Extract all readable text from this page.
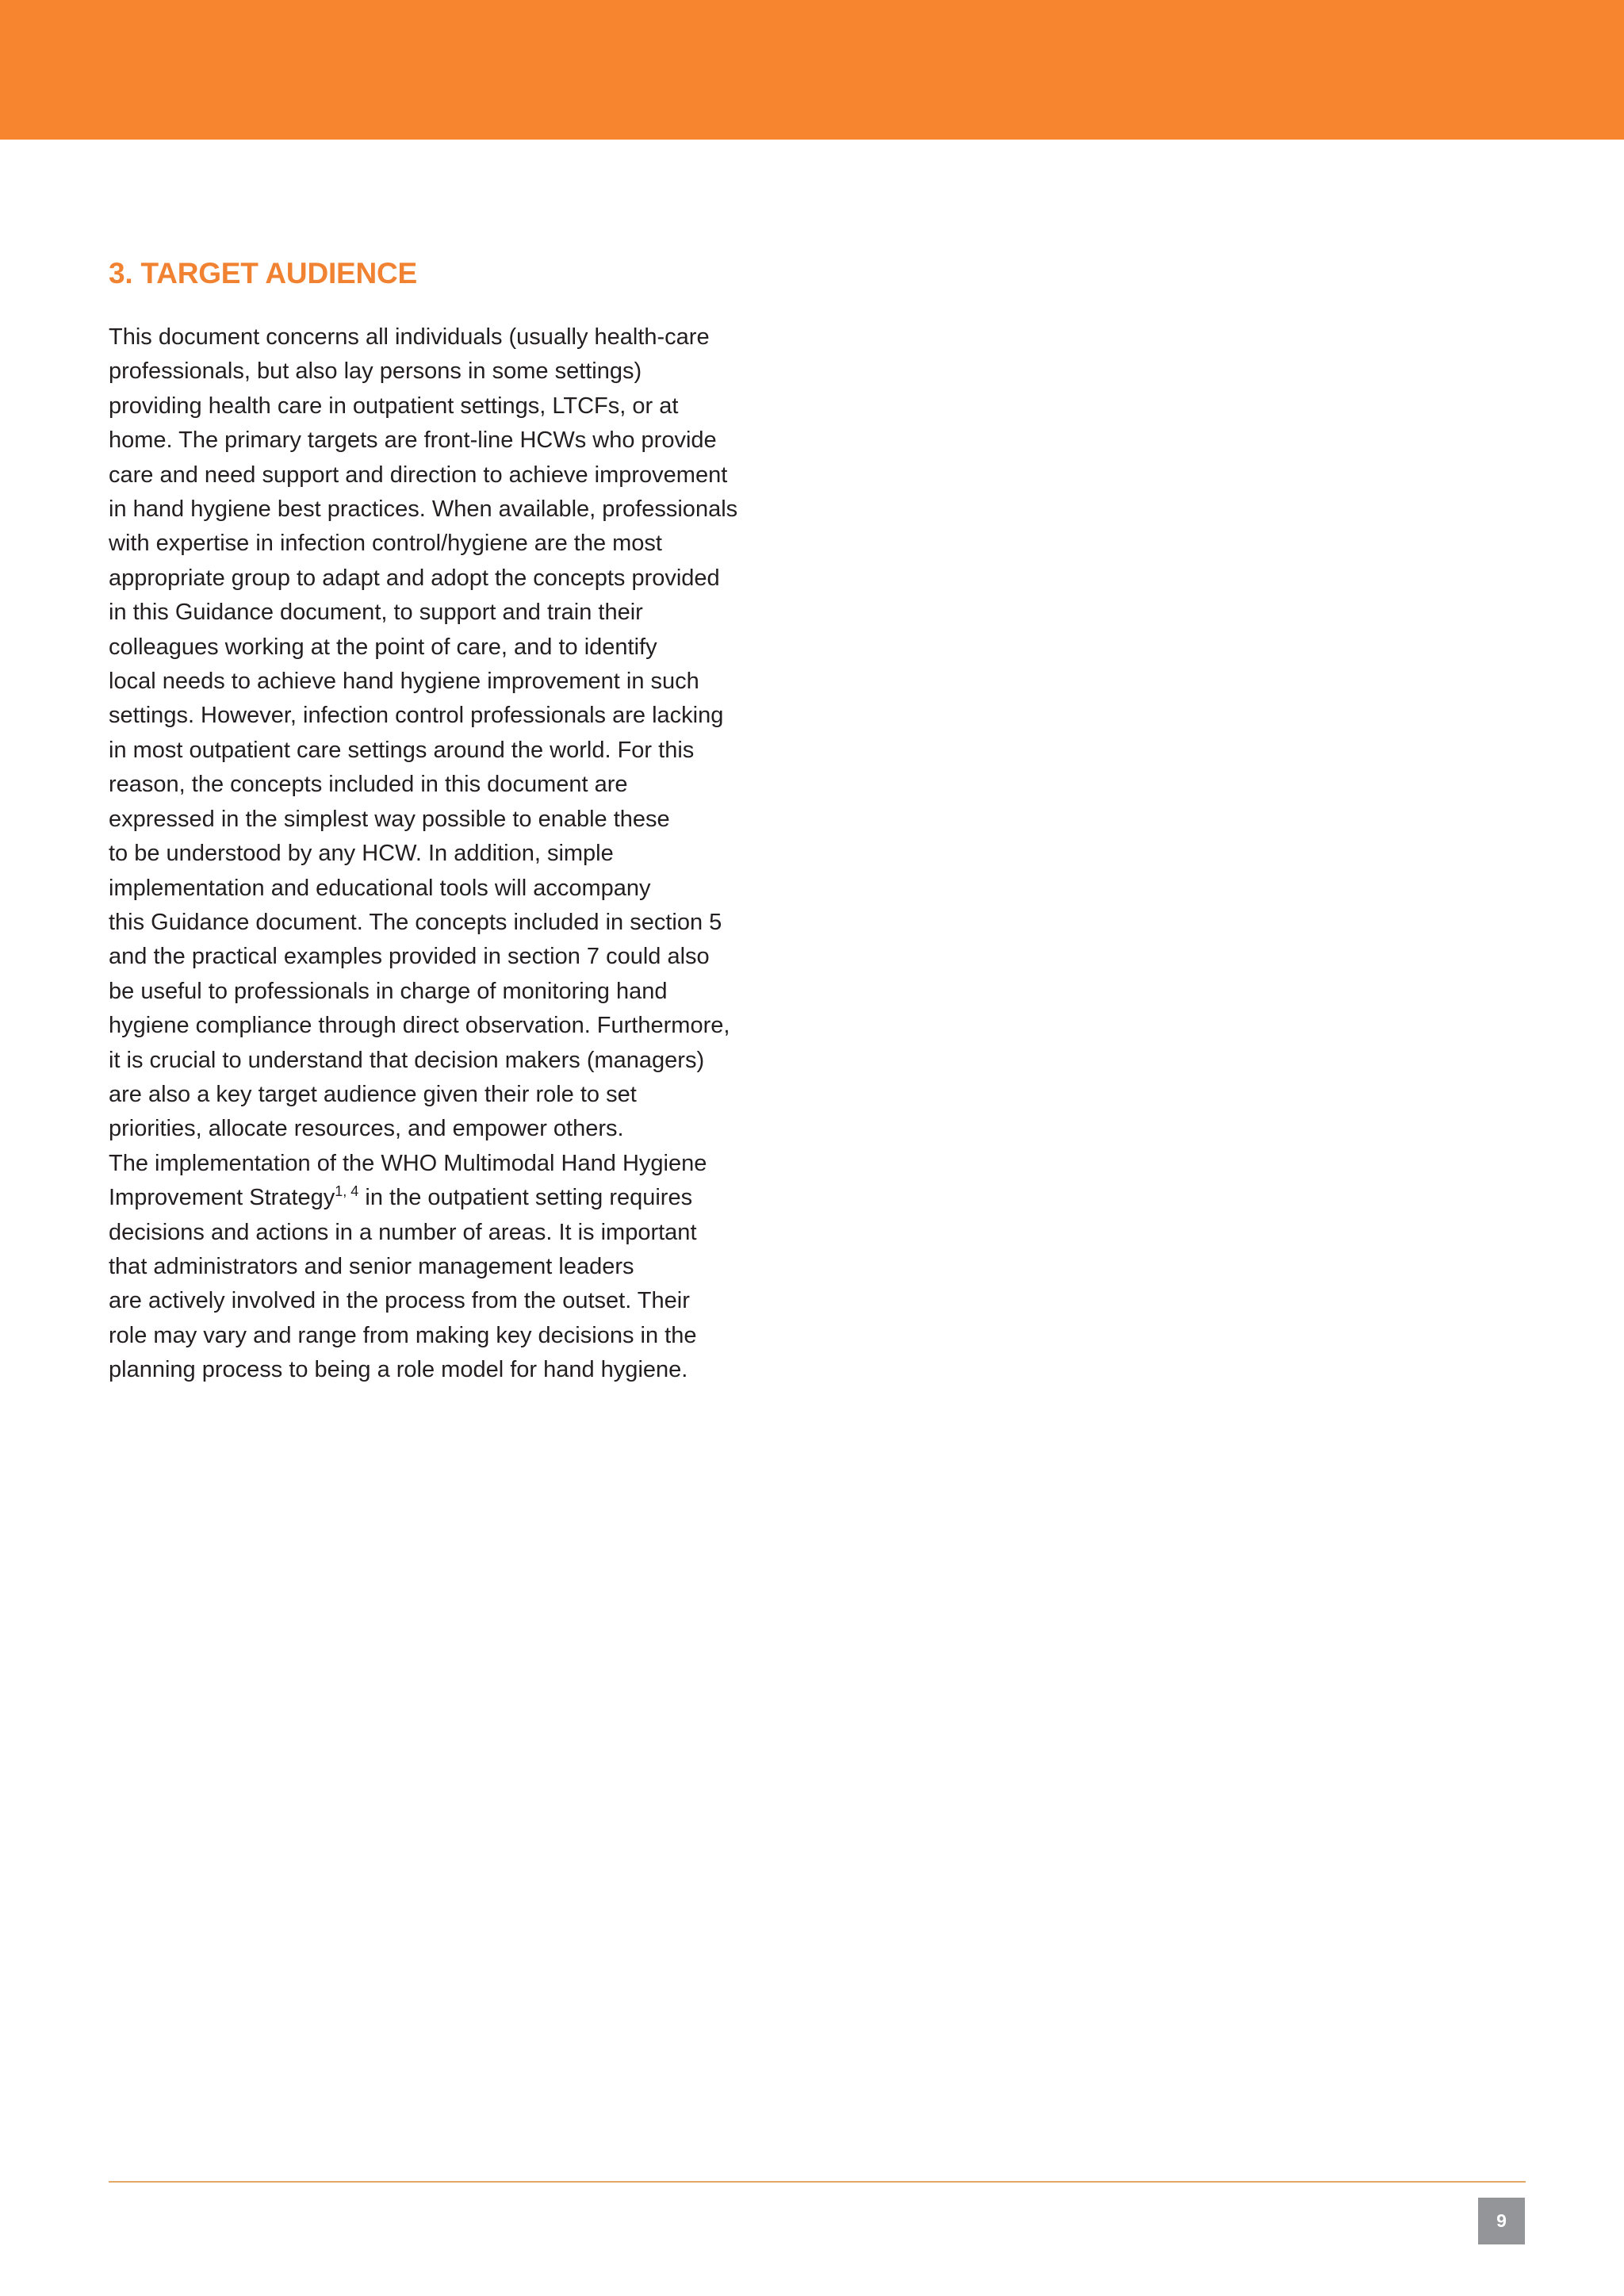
3. TARGET AUDIENCE
This document concerns all individuals (usually health-care
professionals, but also lay persons in some settings)
providing health care in outpatient settings, LTCFs, or at
home. The primary targets are front-line HCWs who provide
care and need support and direction to achieve improvement
in hand hygiene best practices. When available, professionals
with expertise in infection control/hygiene are the most
appropriate group to adapt and adopt the concepts provided
in this Guidance document, to support and train their
colleagues working at the point of care, and to identify
local needs to achieve hand hygiene improvement in such
settings. However, infection control professionals are lacking
in most outpatient care settings around the world. For this
reason, the concepts included in this document are
expressed in the simplest way possible to enable these
to be understood by any HCW. In addition, simple
implementation and educational tools will accompany
this Guidance document. The concepts included in section 5
and the practical examples provided in section 7 could also
be useful to professionals in charge of monitoring hand
hygiene compliance through direct observation. Furthermore,
it is crucial to understand that decision makers (managers)
are also a key target audience given their role to set
priorities, allocate resources, and empower others.
The implementation of the WHO Multimodal Hand Hygiene
Improvement Strategy$^{1, 4}$ in the outpatient setting requires
decisions and actions in a number of areas. It is important
that administrators and senior management leaders
are actively involved in the process from the outset. Their
role may vary and range from making key decisions in the
planning process to being a role model for hand hygiene.
9
